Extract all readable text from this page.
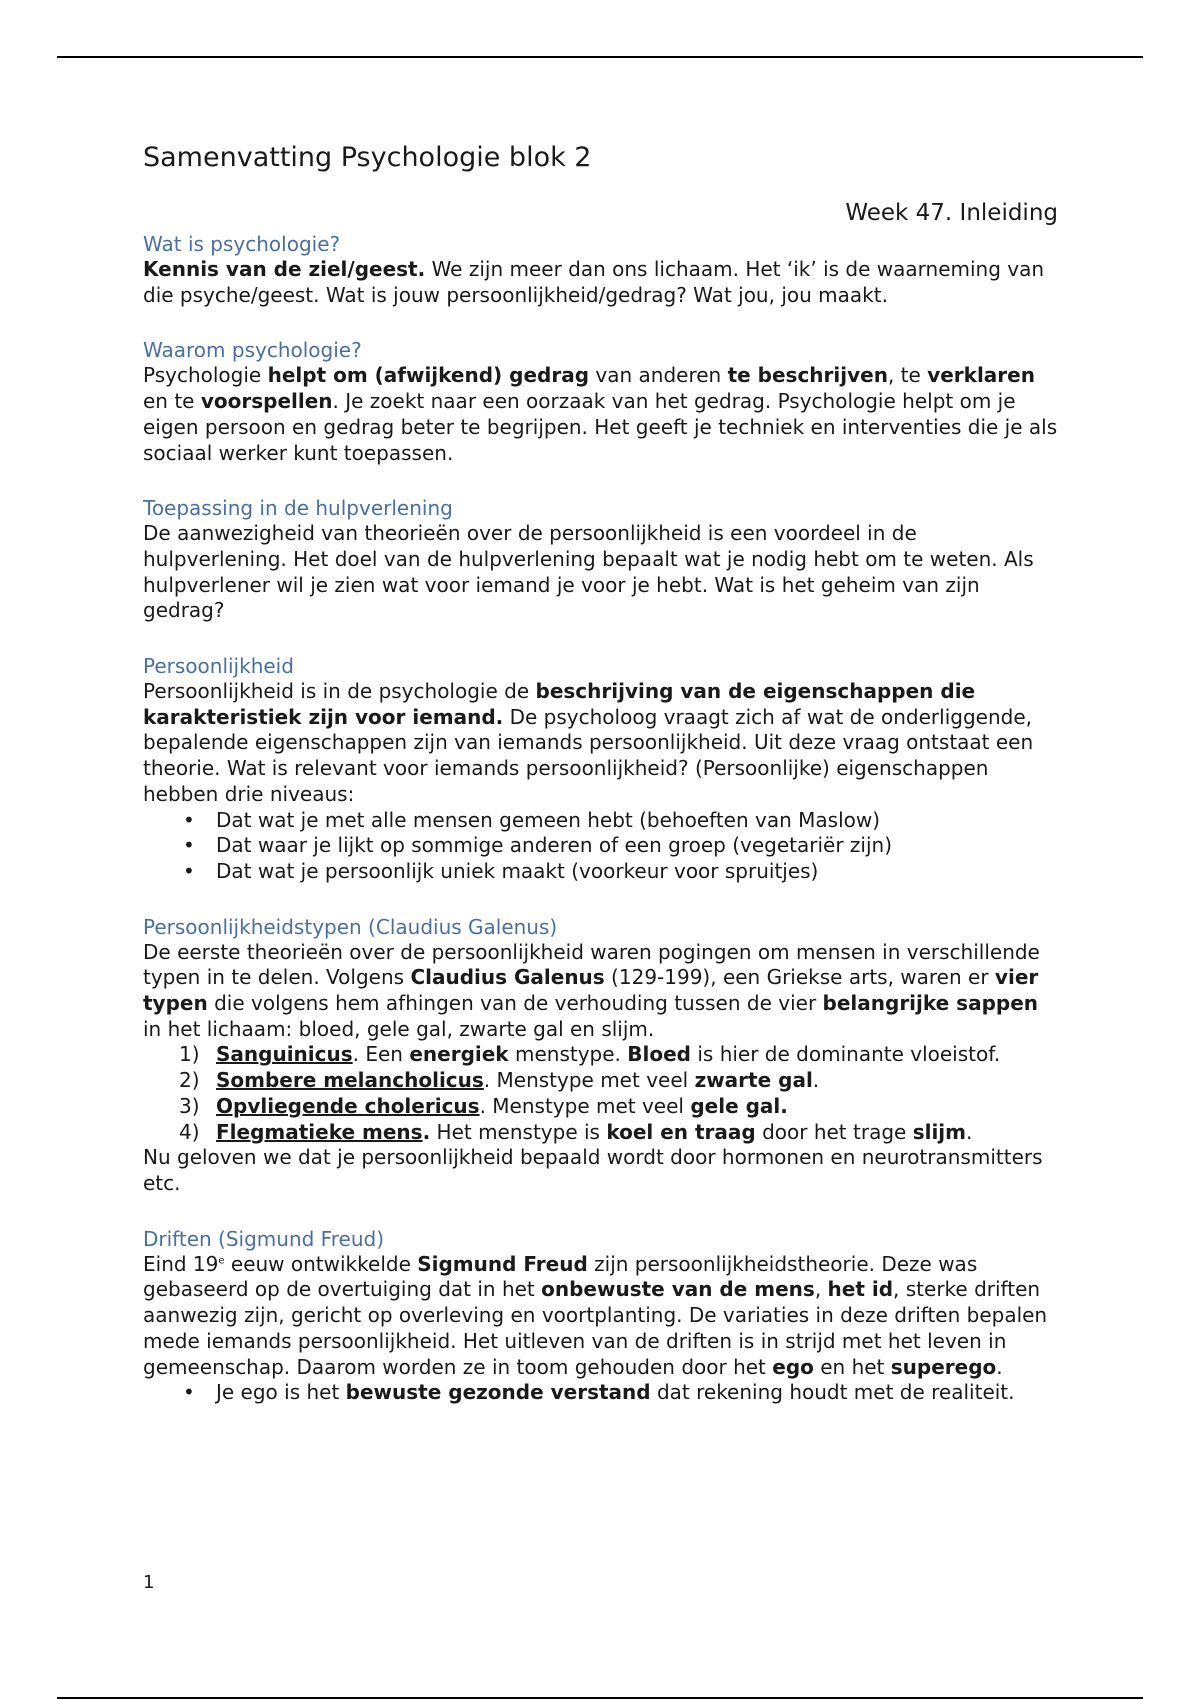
Samenvatting Psychologie blok 2
Week 47. Inleiding
Wat is psychologie?

Kennis van de ziel/geest. We zijn meer dan ons lichaam. Het ‘ik’ is de waarneming van die psyche/geest. Wat is jouw persoonlijkheid/gedrag? Wat jou, jou maakt.

Waarom psychologie?

Psychologie helpt om (afwijkend) gedrag van anderen te beschrijven, te verklaren en te voorspellen. Je zoekt naar een oorzaak van het gedrag. Psychologie helpt om je eigen persoon en gedrag beter te begrijpen. Het geeft je techniek en interventies die je als sociaal werker kunt toepassen.

Toepassing in de hulpverlening

De aanwezigheid van theorieën over de persoonlijkheid is een voordeel in de hulpverlening. Het doel van de hulpverlening bepaalt wat je nodig hebt om te weten. Als hulpverlener wil je zien wat voor iemand je voor je hebt. Wat is het geheim van zijn gedrag?

Persoonlijkheid

Persoonlijkheid is in de psychologie de beschrijving van de eigenschappen die karakteristiek zijn voor iemand. De psycholoog vraagt zich af wat de onderliggende, bepalende eigenschappen zijn van iemands persoonlijkheid. Uit deze vraag ontstaat een theorie. Wat is relevant voor iemands persoonlijkheid? (Persoonlijke) eigenschappen hebben drie niveaus:

• Dat wat je met alle mensen gemeen hebt (behoeften van Maslow)
• Dat waar je lijkt op sommige anderen of een groep (vegetariër zijn)
• Dat wat je persoonlijk uniek maakt (voorkeur voor spruitjes)
Persoonlijkheidstypen (Claudius Galenus)

De eerste theorieën over de persoonlijkheid waren pogingen om mensen in verschillende typen in te delen. Volgens Claudius Galenus (129-199), een Griekse arts, waren er vier typen die volgens hem afhingen van de verhouding tussen de vier belangrijke sappen in het lichaam: bloed, gele gal, zwarte gal en slijm.

1) Sanguinicus. Een energiek menstype. Bloed is hier de dominante vloeistof.
2) Sombere melancholicus. Menstype met veel zwarte gal.
3) Opvliegende cholericus. Menstype met veel gele gal.
4) Flegmatieke mens. Het menstype is koel en traag door het trage slijm.

Nu geloven we dat je persoonlijkheid bepaald wordt door hormonen en neurotransmitters etc.

Driften (Sigmund Freud)

Eind 19e eeuw ontwikkelde Sigmund Freud zijn persoonlijkheidstheorie. Deze was gebaseerd op de overtuiging dat in het onbewuste van de mens, het id, sterke driften aanwezig zijn, gericht op overleving en voortplanting. De variaties in deze driften bepalen mede iemands persoonlijkheid. Het uitleven van de driften is in strijd met het leven in gemeenschap. Daarom worden ze in toom gehouden door het ego en het superego.

• Je ego is het bewuste gezonde verstand dat rekening houdt met de realiteit.
1
